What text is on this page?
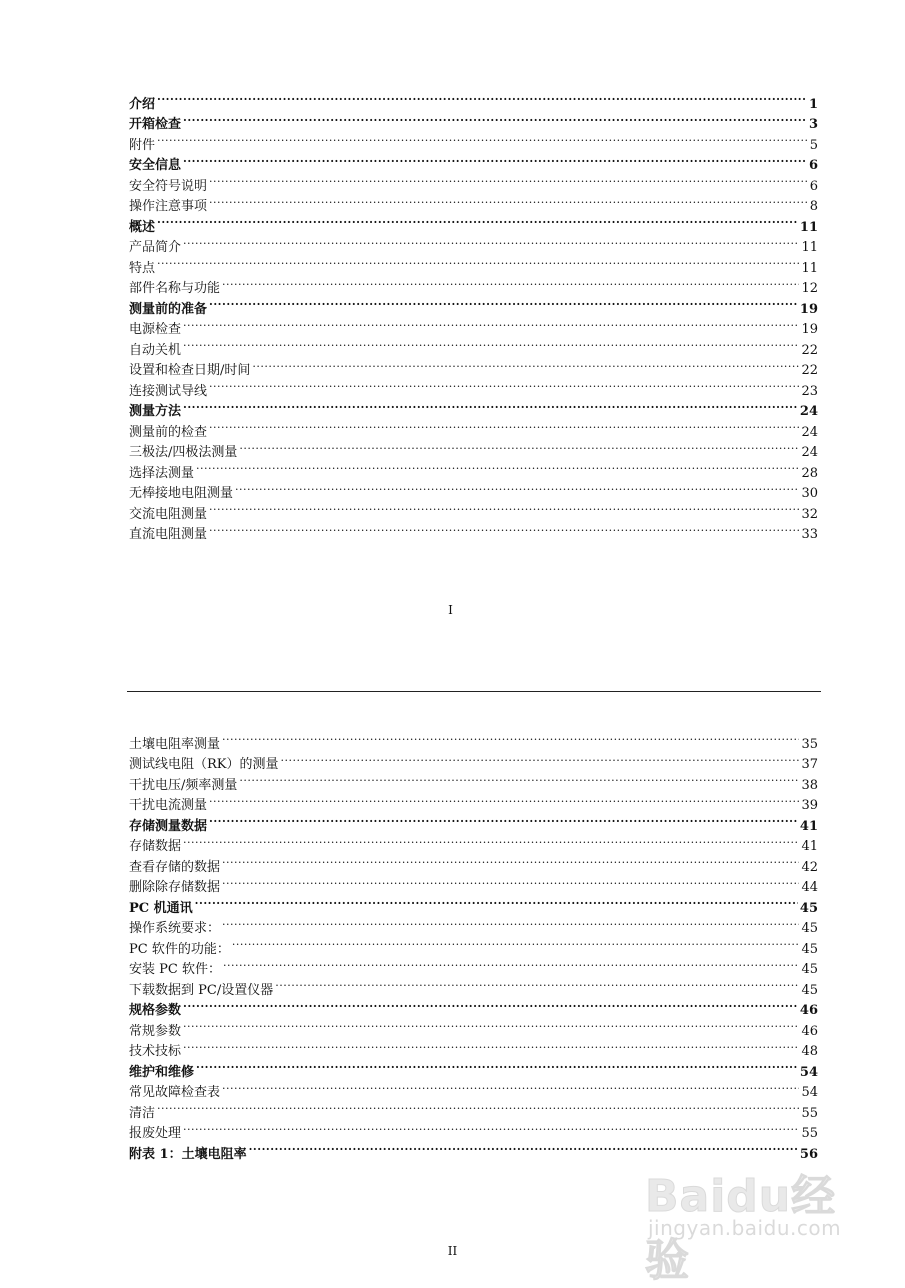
介绍 .....	1
开箱检查 .....	3
附件 .....	5
安全信息 .....	6
安全符号说明 .....	6
操作注意事项 .....	8
概述 .....	11
产品简介 .....	11
特点 .....	11
部件名称与功能 .....	12
测量前的准备 .....	19
电源检查 .....	19
自动关机 .....	22
设置和检查日期/时间 .....	22
连接测试导线 .....	23
测量方法 .....	24
测量前的检查 .....	24
三极法/四极法测量 .....	24
选择法测量 .....	28
无棒接地电阻测量 .....	30
交流电阻测量 .....	32
直流电阻测量 .....	33
I
土壤电阻率测量 .....	35
测试线电阻（RK）的测量 .....	37
干扰电压/频率测量 .....	38
干扰电流测量 .....	39
存储测量数据 .....	41
存储数据 .....	41
查看存储的数据 .....	42
删除除存储数据 .....	44
PC 机通讯 .....	45
操作系统要求： .....	45
PC 软件的功能： .....	45
安装 PC 软件： .....	45
下载数据到 PC/设置仪器 .....	45
规格参数 .....	46
常规参数 .....	46
技术技标 .....	48
维护和维修 .....	54
常见故障检查表 .....	54
清洁 .....	55
报废处理 .....	55
附表 1：土壤电阻率 .....	56
II
Baidu经验
jingyan.baidu.com
